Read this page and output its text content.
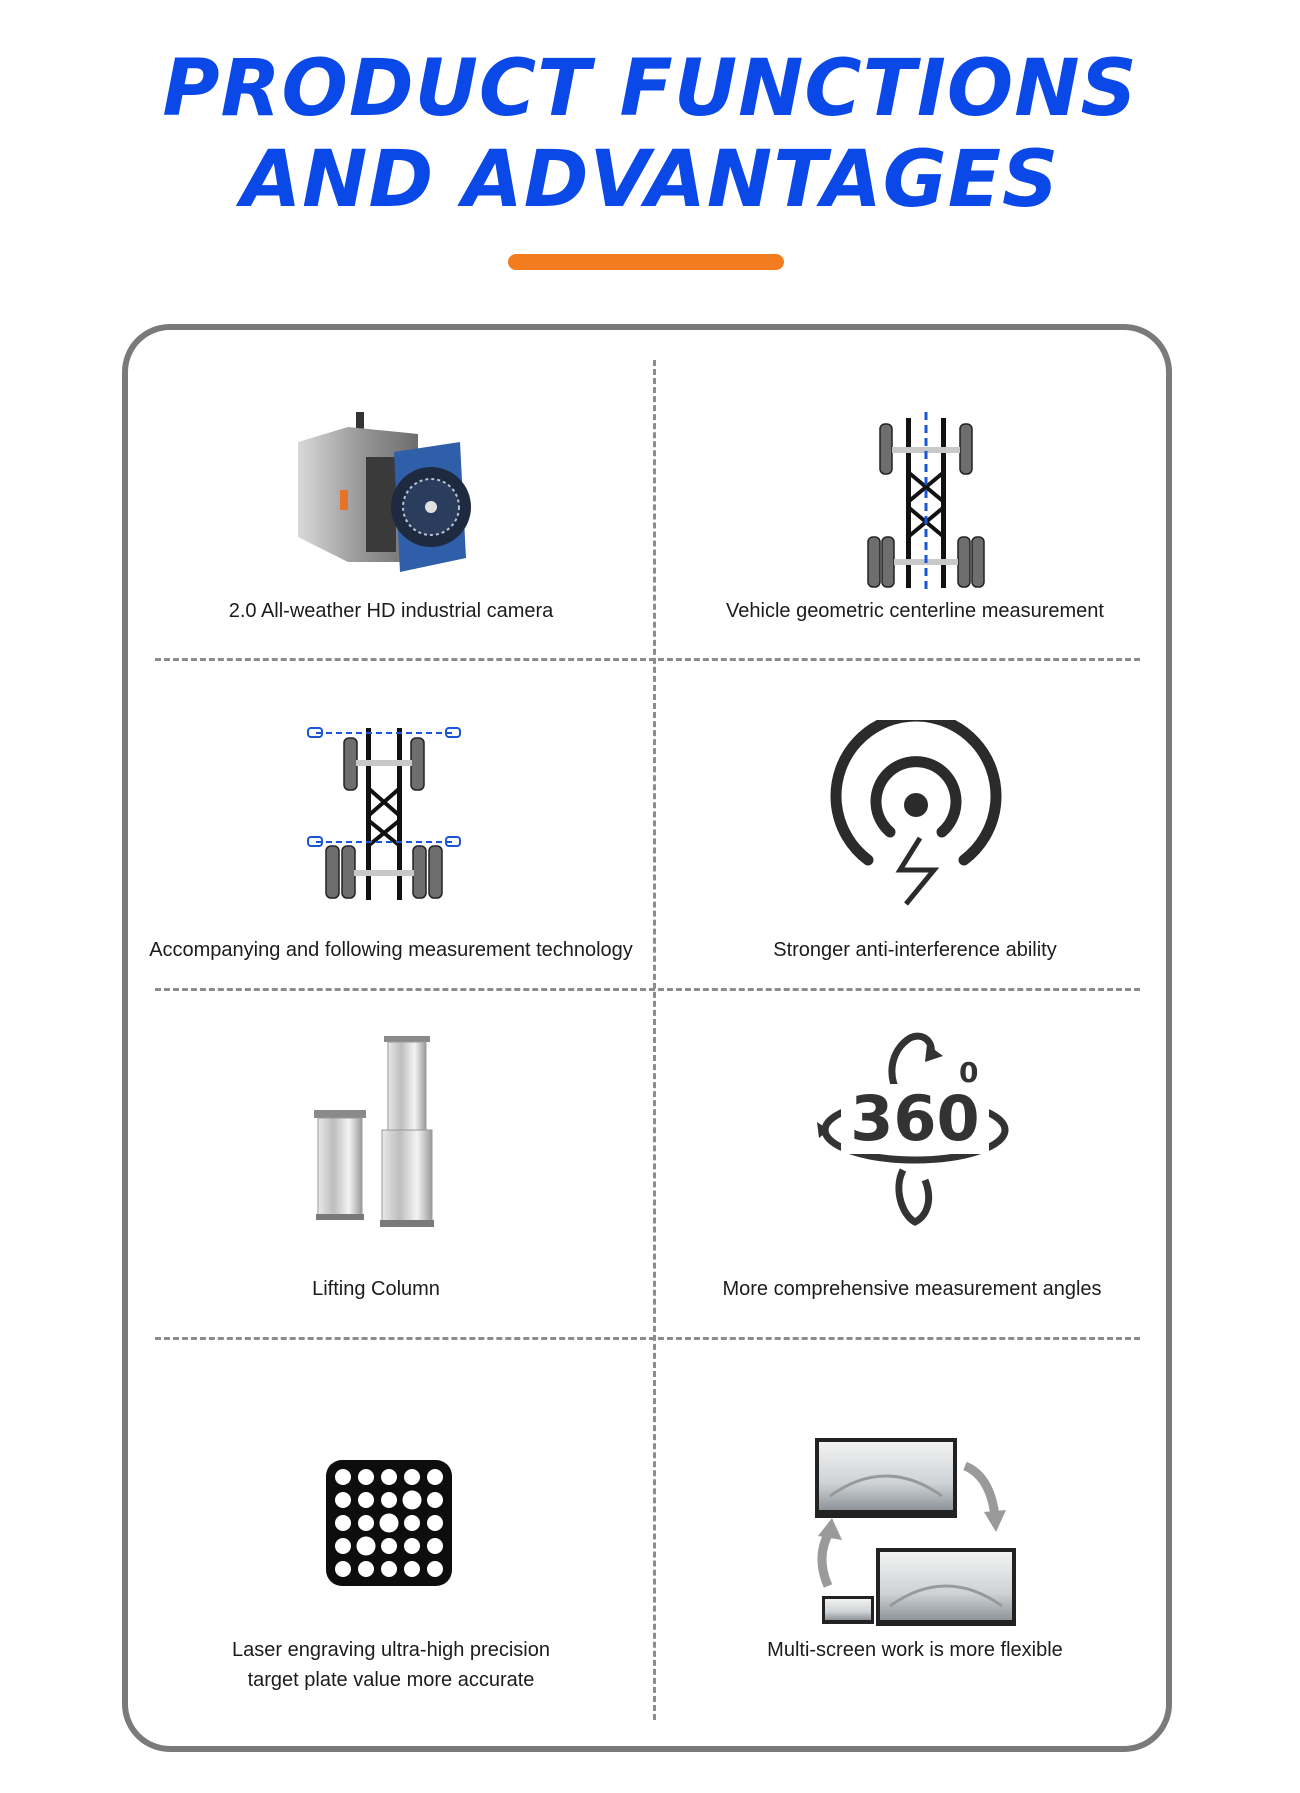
PRODUCT FUNCTIONS
AND ADVANTAGES
2.0 All-weather HD industrial camera	Vehicle geometric centerline measurement
Accompanying and following measurement technology	Stronger anti-interference ability
Lifting Column
360
0
More comprehensive measurement angles
Laser engraving ultra-high precision
target plate value more accurate
Multi-screen work is more flexible
